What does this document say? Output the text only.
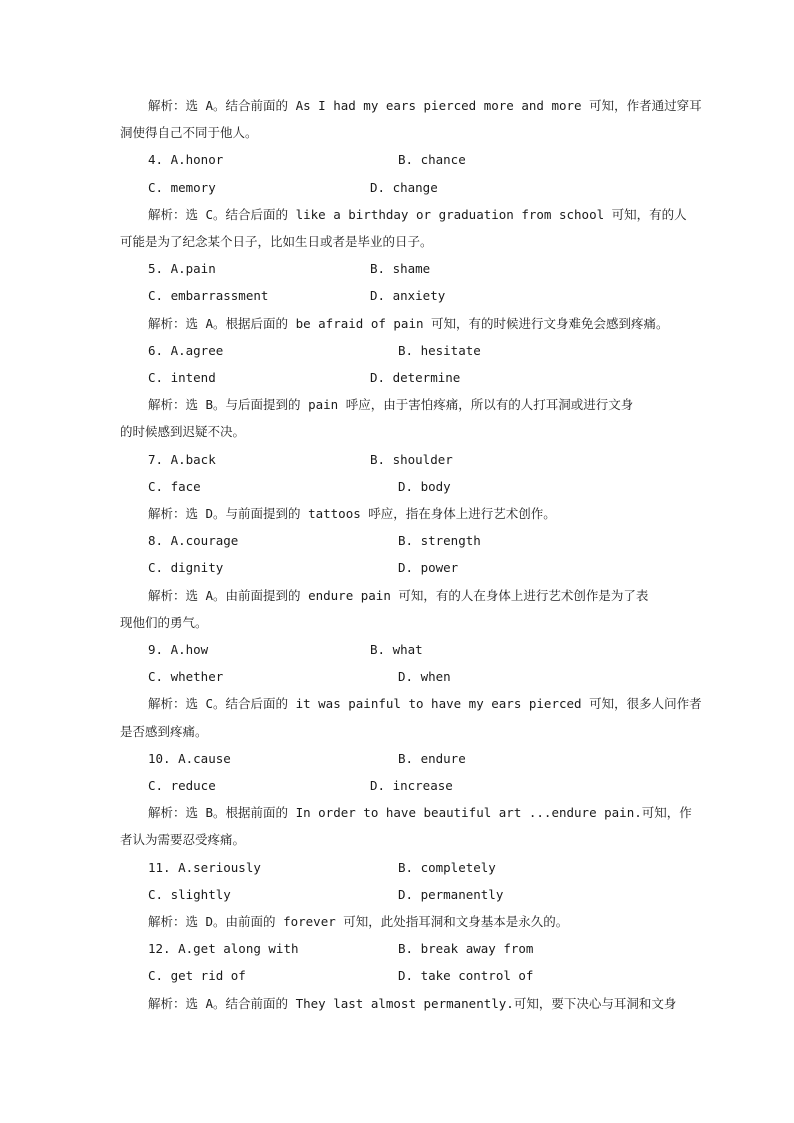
解析：选 A。结合前面的 As I had my ears pierced more and more 可知，作者通过穿耳
洞使得自己不同于他人。
4. A.honor	B. chance
C. memory	D. change
解析：选 C。结合后面的 like a birthday or graduation from school 可知，有的人
可能是为了纪念某个日子，比如生日或者是毕业的日子。
5. A.pain	B. shame
C. embarrassment	D. anxiety
解析：选 A。根据后面的 be afraid of pain 可知，有的时候进行文身难免会感到疼痛。
6. A.agree	B. hesitate
C. intend	D. determine
解析：选 B。与后面提到的 pain 呼应，由于害怕疼痛，所以有的人打耳洞或进行文身
的时候感到迟疑不决。
7. A.back	B. shoulder
C. face	D. body
解析：选 D。与前面提到的 tattoos 呼应，指在身体上进行艺术创作。
8. A.courage	B. strength
C. dignity	D. power
解析：选 A。由前面提到的 endure pain 可知，有的人在身体上进行艺术创作是为了表
现他们的勇气。
9. A.how	B. what
C. whether	D. when
解析：选 C。结合后面的 it was painful to have my ears pierced 可知，很多人问作者
是否感到疼痛。
10. A.cause	B. endure
C. reduce	D. increase
解析：选 B。根据前面的 In order to have beautiful art ...endure pain.可知，作
者认为需要忍受疼痛。
11. A.seriously	B. completely
C. slightly	D. permanently
解析：选 D。由前面的 forever 可知，此处指耳洞和文身基本是永久的。
12. A.get along with	B. break away from
C. get rid of	D. take control of
解析：选 A。结合前面的 They last almost permanently.可知，要下决心与耳洞和文身
